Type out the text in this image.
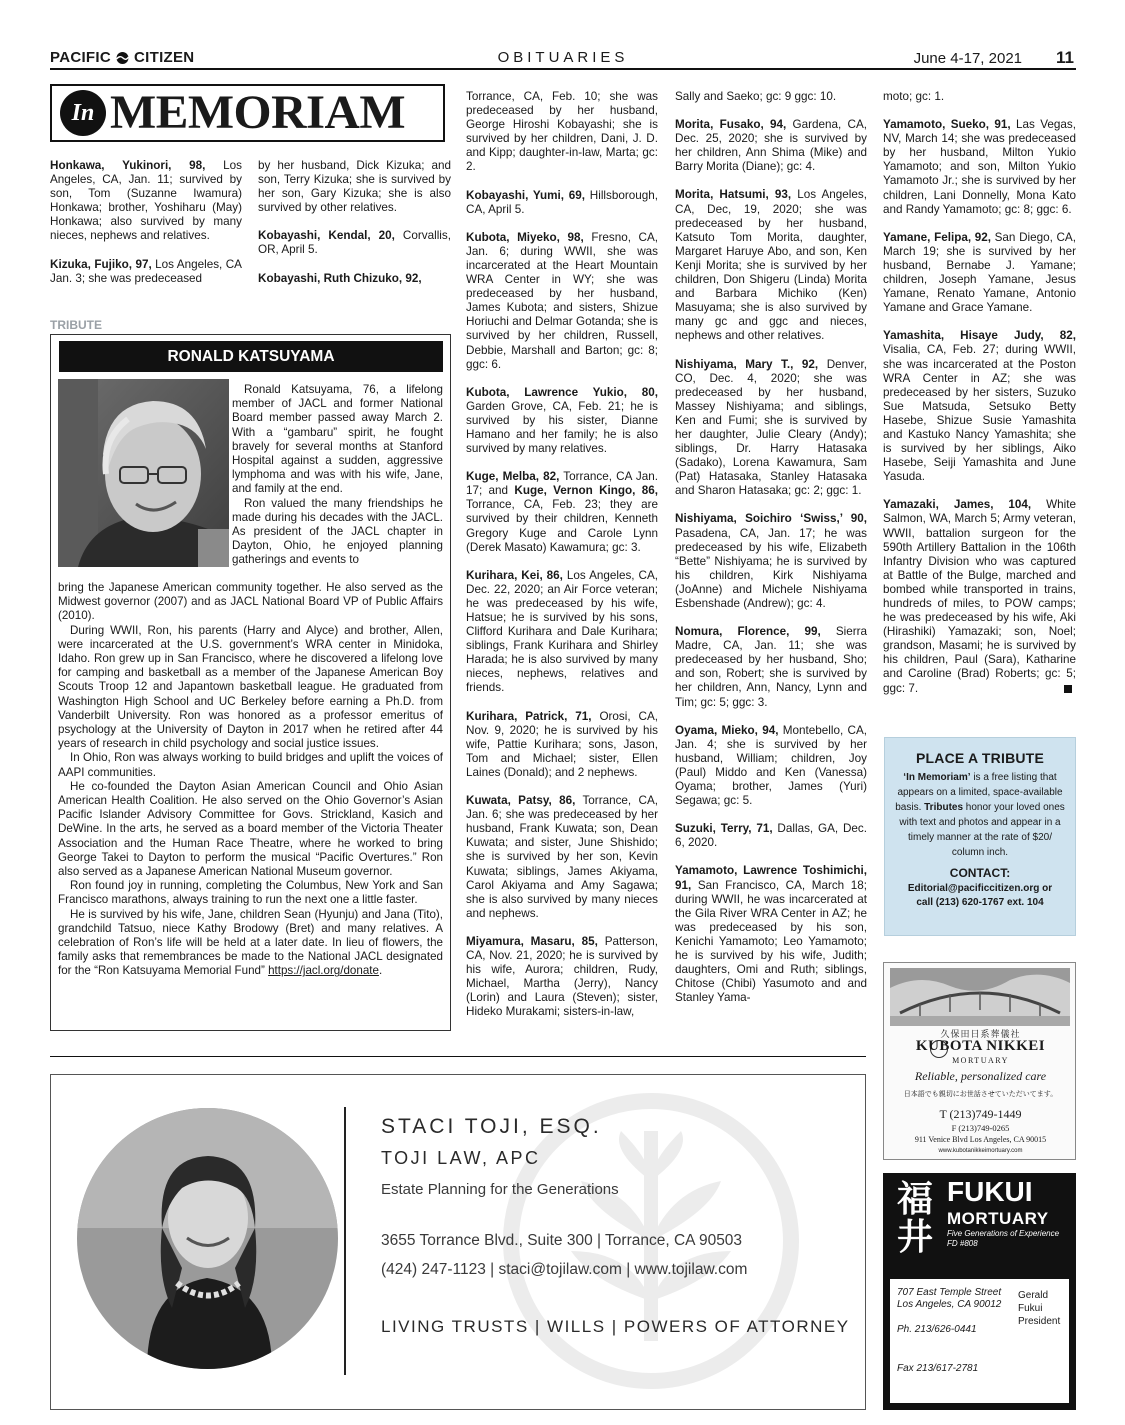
PACIFIC CITIZEN	OBITUARIES	June 4-17, 2021 11
In MEMORIAM

Honkawa, Yukinori, 98, Los Angeles, CA, Jan. 11; survived by son, Tom (Suzanne Iwamura) Honkawa; brother, Yoshiharu (May) Honkawa; also survived by many nieces, nephews and relatives.

Kizuka, Fujiko, 97, Los Angeles, CA Jan. 3; she was predeceased

by her husband, Dick Kizuka; and son, Terry Kizuka; she is survived by her son, Gary Kizuka; she is also survived by other relatives.

Kobayashi, Kendal, 20, Corvallis, OR, April 5.

Kobayashi, Ruth Chizuko, 92,

TRIBUTE
RONALD KATSUYAMA

Ronald Katsuyama, 76, a lifelong member of JACL and former National Board member passed away March 2. With a “gambaru” spirit, he fought bravely for several months at Stanford Hospital against a sudden, aggressive lymphoma and was with his wife, Jane, and family at the end.

Ron valued the many friendships he made during his decades with the JACL. As president of the JACL chapter in Dayton, Ohio, he enjoyed planning gatherings and events to

bring the Japanese American community together. He also served as the Midwest governor (2007) and as JACL National Board VP of Public Affairs (2010).

During WWII, Ron, his parents (Harry and Alyce) and brother, Allen, were incarcerated at the U.S. government’s WRA center in Minidoka, Idaho. Ron grew up in San Francisco, where he discovered a lifelong love for camping and basketball as a member of the Japanese American Boy Scouts Troop 12 and Japantown basketball league. He graduated from Washington High School and UC Berkeley before earning a Ph.D. from Vanderbilt University. Ron was honored as a professor emeritus of psychology at the University of Dayton in 2017 when he retired after 44 years of research in child psychology and social justice issues.

In Ohio, Ron was always working to build bridges and uplift the voices of AAPI communities.

He co-founded the Dayton Asian American Council and Ohio Asian American Health Coalition. He also served on the Ohio Governor’s Asian Pacific Islander Advisory Committee for Govs. Strickland, Kasich and DeWine. In the arts, he served as a board member of the Victoria Theater Association and the Human Race Theatre, where he worked to bring George Takei to Dayton to perform the musical “Pacific Overtures.” Ron also served as a Japanese American National Museum governor.

Ron found joy in running, completing the Columbus, New York and San Francisco marathons, always training to run the next one a little faster.

He is survived by his wife, Jane, children Sean (Hyunju) and Jana (Tito), grandchild Tatsuo, niece Kathy Brodowy (Bret) and many relatives. A celebration of Ron’s life will be held at a later date. In lieu of flowers, the family asks that remembrances be made to the National JACL designated for the “Ron Katsuyama Memorial Fund” https://jacl.org/donate.

Torrance, CA, Feb. 10; she was predeceased by her husband, George Hiroshi Kobayashi; she is survived by her children, Dani, J. D. and Kipp; daughter-in-law, Marta; gc: 2.

Kobayashi, Yumi, 69, Hillsborough, CA, April 5.

Kubota, Miyeko, 98, Fresno, CA, Jan. 6; during WWII, she was incarcerated at the Heart Mountain WRA Center in WY; she was predeceased by her husband, James Kubota; and sisters, Shizue Horiuchi and Delmar Gotanda; she is survived by her children, Russell, Debbie, Marshall and Barton; gc: 8; ggc: 6.

Kubota, Lawrence Yukio, 80, Garden Grove, CA, Feb. 21; he is survived by his sister, Dianne Hamano and her family; he is also survived by many relatives.

Kuge, Melba, 82, Torrance, CA Jan. 17; and Kuge, Vernon Kingo, 86, Torrance, CA, Feb. 23; they are survived by their children, Kenneth Gregory Kuge and Carole Lynn (Derek Masato) Kawamura; gc: 3.

Kurihara, Kei, 86, Los Angeles, CA, Dec. 22, 2020; an Air Force veteran; he was predeceased by his wife, Hatsue; he is survived by his sons, Clifford Kurihara and Dale Kurihara; siblings, Frank Kurihara and Shirley Harada; he is also survived by many nieces, nephews, relatives and friends.

Kurihara, Patrick, 71, Orosi, CA, Nov. 9, 2020; he is survived by his wife, Pattie Kurihara; sons, Jason, Tom and Michael; sister, Ellen Laines (Donald); and 2 nephews.

Kuwata, Patsy, 86, Torrance, CA, Jan. 6; she was predeceased by her husband, Frank Kuwata; son, Dean Kuwata; and sister, June Shishido; she is survived by her son, Kevin Kuwata; siblings, James Akiyama, Carol Akiyama and Amy Sagawa; she is also survived by many nieces and nephews.

Miyamura, Masaru, 85, Patterson, CA, Nov. 21, 2020; he is survived by his wife, Aurora; children, Rudy, Michael, Martha (Jerry), Nancy (Lorin) and Laura (Steven); sister, Hideko Murakami; sisters-in-law,

Sally and Saeko; gc: 9 ggc: 10.

Morita, Fusako, 94, Gardena, CA, Dec. 25, 2020; she is survived by her children, Ann Shima (Mike) and Barry Morita (Diane); gc: 4.

Morita, Hatsumi, 93, Los Angeles, CA, Dec, 19, 2020; she was predeceased by her husband, Katsuto Tom Morita, daughter, Margaret Haruye Abo, and son, Ken Kenji Morita; she is survived by her children, Don Shigeru (Linda) Morita and Barbara Michiko (Ken) Masuyama; she is also survived by many gc and ggc and nieces, nephews and other relatives.

Nishiyama, Mary T., 92, Denver, CO, Dec. 4, 2020; she was predeceased by her husband, Massey Nishiyama; and siblings, Ken and Fumi; she is survived by her daughter, Julie Cleary (Andy); siblings, Dr. Harry Hatasaka (Sadako), Lorena Kawamura, Sam (Pat) Hatasaka, Stanley Hatasaka and Sharon Hatasaka; gc: 2; ggc: 1.

Nishiyama, Soichiro ‘Swiss,’ 90, Pasadena, CA, Jan. 17; he was predeceased by his wife, Elizabeth “Bette” Nishiyama; he is survived by his children, Kirk Nishiyama (JoAnne) and Michele Nishiyama Esbenshade (Andrew); gc: 4.

Nomura, Florence, 99, Sierra Madre, CA, Jan. 11; she was predeceased by her husband, Sho; and son, Robert; she is survived by her children, Ann, Nancy, Lynn and Tim; gc: 5; ggc: 3.

Oyama, Mieko, 94, Montebello, CA, Jan. 4; she is survived by her husband, William; children, Joy (Paul) Middo and Ken (Vanessa) Oyama; brother, James (Yuri) Segawa; gc: 5.

Suzuki, Terry, 71, Dallas, GA, Dec. 6, 2020.

Yamamoto, Lawrence Toshimichi, 91, San Francisco, CA, March 18; during WWII, he was incarcerated at the Gila River WRA Center in AZ; he was predeceased by his son, Kenichi Yamamoto; Leo Yamamoto; he is survived by his wife, Judith; daughters, Omi and Ruth; siblings, Chitose (Chibi) Yasumoto and and Stanley Yama-

moto; gc: 1.

Yamamoto, Sueko, 91, Las Vegas, NV, March 14; she was predeceased by her husband, Milton Yukio Yamamoto; and son, Milton Yukio Yamamoto Jr.; she is survived by her children, Lani Donnelly, Mona Kato and Randy Yamamoto; gc: 8; ggc: 6.

Yamane, Felipa, 92, San Diego, CA, March 19; she is survived by her husband, Bernabe J. Yamane; children, Joseph Yamane, Jesus Yamane, Renato Yamane, Antonio Yamane and Grace Yamane.

Yamashita, Hisaye Judy, 82, Visalia, CA, Feb. 27; during WWII, she was incarcerated at the Poston WRA Center in AZ; she was predeceased by her sisters, Suzuko Sue Matsuda, Setsuko Betty Hasebe, Shizue Susie Yamashita and Kastuko Nancy Yamashita; she is survived by her siblings, Aiko Hasebe, Seiji Yamashita and June Yasuda.

Yamazaki, James, 104, White Salmon, WA, March 5; Army veteran, WWII, battalion surgeon for the 590th Artillery Battalion in the 106th Infantry Division who was captured at Battle of the Bulge, marched and bombed while transported in trains, hundreds of miles, to POW camps; he was predeceased by his wife, Aki (Hirashiki) Yamazaki; son, Noel; grandson, Masami; he is survived by his children, Paul (Sara), Katharine and Caroline (Brad) Roberts; gc: 5; ggc: 7.

PLACE A TRIBUTE
‘In Memoriam’ is a free listing that appears on a limited, space-available basis. Tributes honor your loved ones with text and photos and appear in a timely manner at the rate of $20/ column inch.
CONTACT:
Editorial@pacificcitizen.org or
call (213) 620-1767 ext. 104
久保田日系葬儀社
KUBOTA NIKKEI
MORTUARY
Reliable, personalized care
日本語でも親切にお世話させていただいてます。
T (213)749-1449
F (213)749-0265
911 Venice Blvd Los Angeles, CA 90015
www.kubotanikkeimortuary.com
福
井
FUKUI
MORTUARY
Five Generations of Experience
FD #808
707 East Temple Street
Los Angeles, CA 90012
Ph. 213/626-0441
Fax 213/617-2781
Gerald
Fukui
President
STACI TOJI, ESQ.
TOJI LAW, APC
Estate Planning for the Generations
3655 Torrance Blvd., Suite 300 | Torrance, CA 90503
(424) 247-1123 | staci@tojilaw.com | www.tojilaw.com
LIVING TRUSTS | WILLS | POWERS OF ATTORNEY
